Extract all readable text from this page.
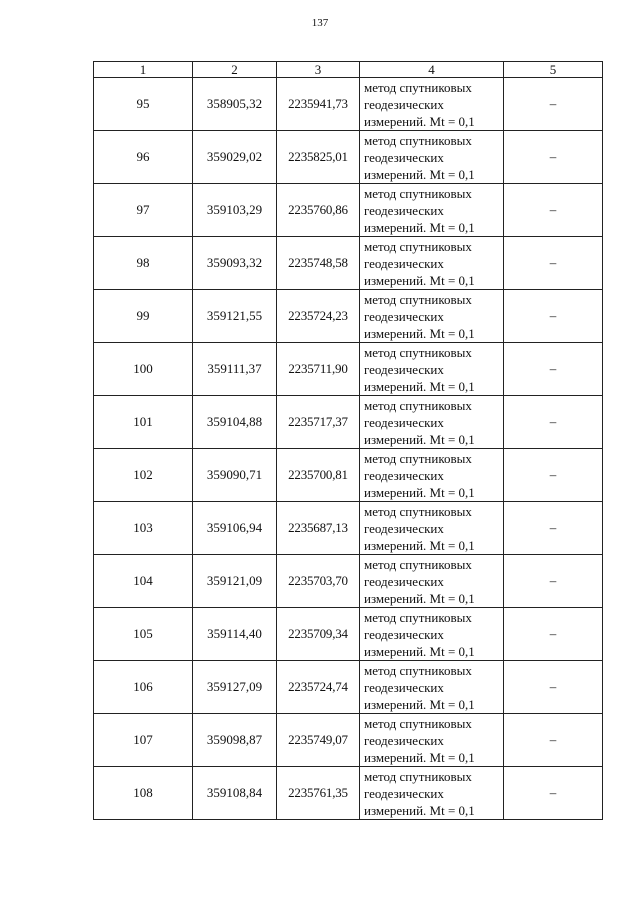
137
1	2	3	4	5
95	358905,32	2235941,73	метод спутниковых
геодезических
измерений. Mt = 0,1	–
96	359029,02	2235825,01	метод спутниковых
геодезических
измерений. Mt = 0,1	–
97	359103,29	2235760,86	метод спутниковых
геодезических
измерений. Mt = 0,1	–
98	359093,32	2235748,58	метод спутниковых
геодезических
измерений. Mt = 0,1	–
99	359121,55	2235724,23	метод спутниковых
геодезических
измерений. Mt = 0,1	–
100	359111,37	2235711,90	метод спутниковых
геодезических
измерений. Mt = 0,1	–
101	359104,88	2235717,37	метод спутниковых
геодезических
измерений. Mt = 0,1	–
102	359090,71	2235700,81	метод спутниковых
геодезических
измерений. Mt = 0,1	–
103	359106,94	2235687,13	метод спутниковых
геодезических
измерений. Mt = 0,1	–
104	359121,09	2235703,70	метод спутниковых
геодезических
измерений. Mt = 0,1	–
105	359114,40	2235709,34	метод спутниковых
геодезических
измерений. Mt = 0,1	–
106	359127,09	2235724,74	метод спутниковых
геодезических
измерений. Mt = 0,1	–
107	359098,87	2235749,07	метод спутниковых
геодезических
измерений. Mt = 0,1	–
108	359108,84	2235761,35	метод спутниковых
геодезических
измерений. Mt = 0,1	–
